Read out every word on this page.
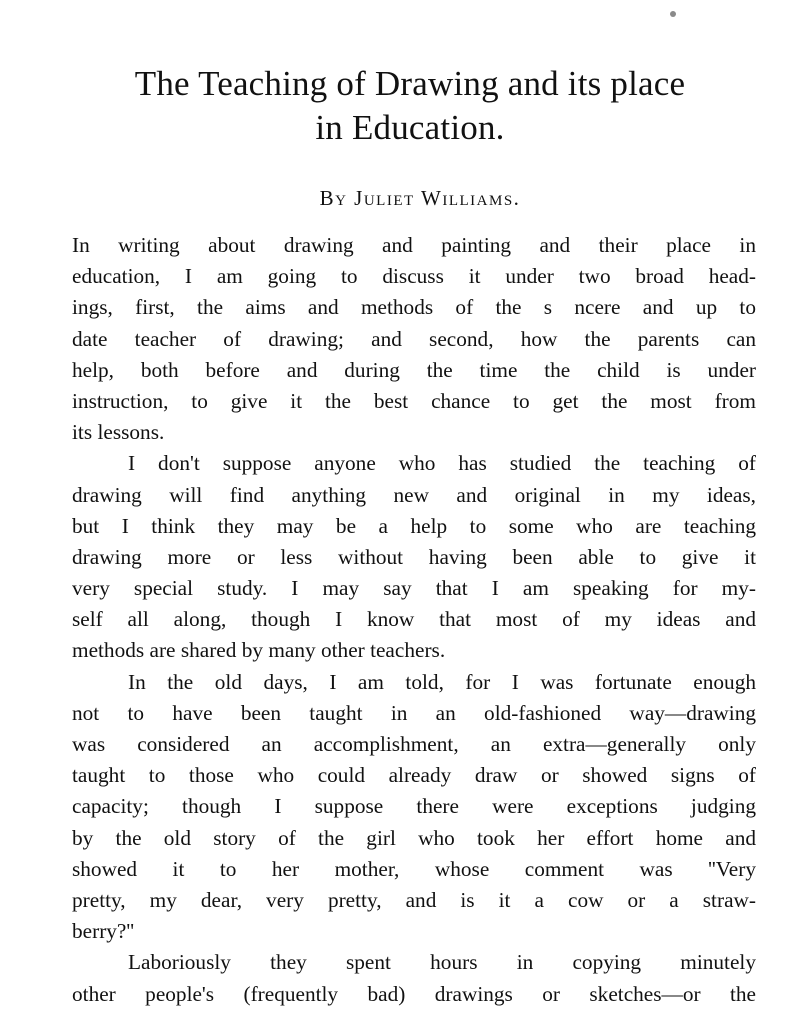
The Teaching of Drawing and its place
in Education.
By Juliet Williams.

In writing about drawing and painting and their place in
education, I am going to discuss it under two broad head-
ings, first, the aims and methods of the s ncere and up to
date teacher of drawing; and second, how the parents can
help, both before and during the time the child is under
instruction, to give it the best chance to get the most from
its lessons.

I don't suppose anyone who has studied the teaching of
drawing will find anything new and original in my ideas,
but I think they may be a help to some who are teaching
drawing more or less without having been able to give it
very special study. I may say that I am speaking for my-
self all along, though I know that most of my ideas and
methods are shared by many other teachers.

In the old days, I am told, for I was fortunate enough
not to have been taught in an old-fashioned way—drawing
was considered an accomplishment, an extra—generally only
taught to those who could already draw or showed signs of
capacity; though I suppose there were exceptions judging
by the old story of the girl who took her effort home and
showed it to her mother, whose comment was ''Very
pretty, my dear, very pretty, and is it a cow or a straw-
berry?''

Laboriously they spent hours in copying minutely
other people's (frequently bad) drawings or sketches—or the
